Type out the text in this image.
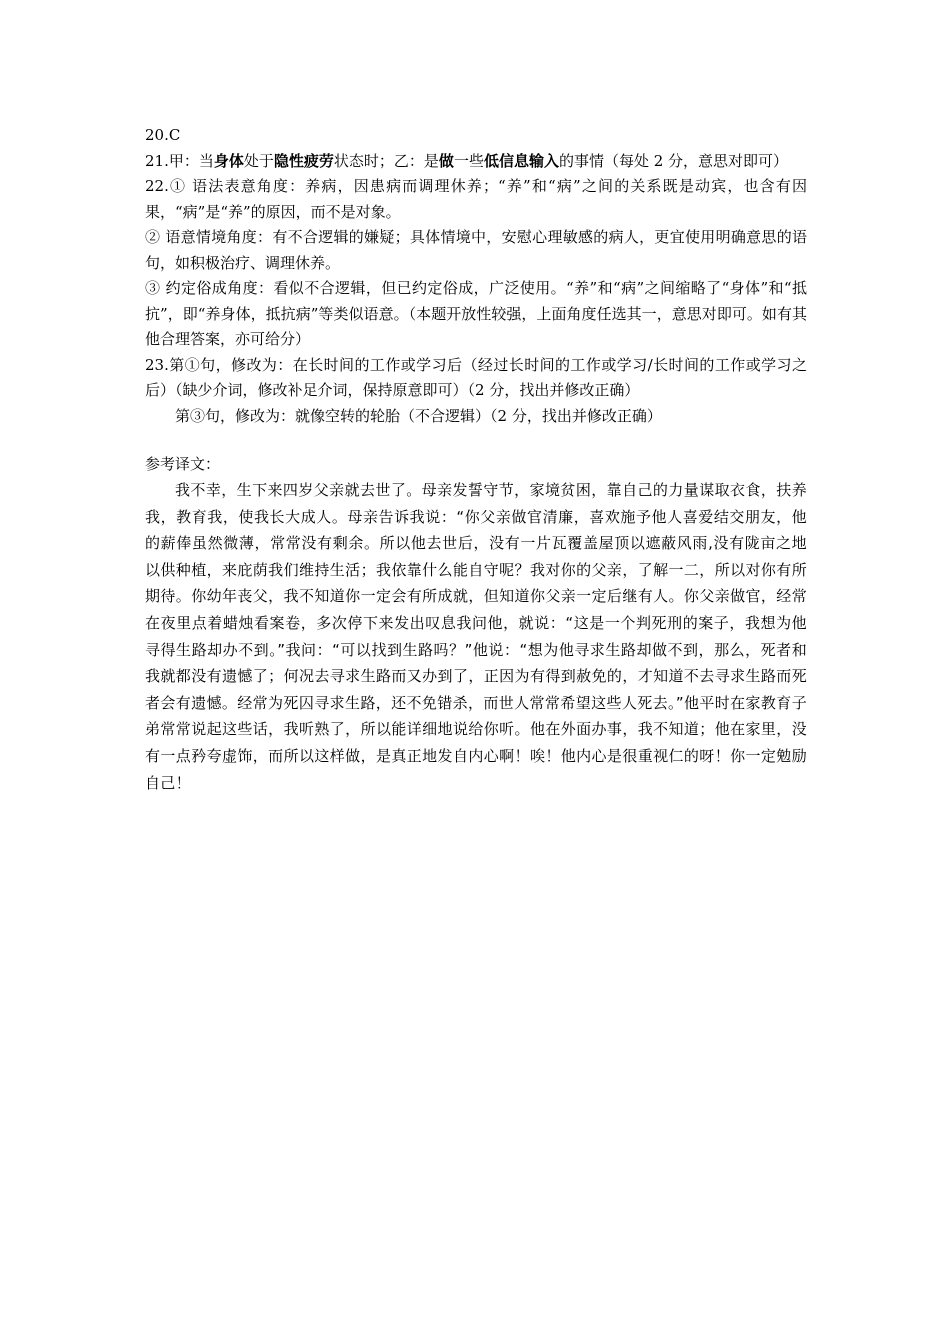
20.C

21.甲：当身体处于隐性疲劳状态时；乙：是做一些低信息输入的事情（每处 2 分，意思对即可）

22.① 语法表意角度：养病，因患病而调理休养；“养”和“病”之间的关系既是动宾，也含有因果，“病”是“养”的原因，而不是对象。

② 语意情境角度：有不合逻辑的嫌疑；具体情境中，安慰心理敏感的病人，更宜使用明确意思的语句，如积极治疗、调理休养。

③ 约定俗成角度：看似不合逻辑，但已约定俗成，广泛使用。“养”和“病”之间缩略了“身体”和“抵抗”，即“养身体，抵抗病”等类似语意。（本题开放性较强，上面角度任选其一，意思对即可。如有其他合理答案，亦可给分）

23.第①句，修改为：在长时间的工作或学习后（经过长时间的工作或学习/长时间的工作或学习之后）（缺少介词，修改补足介词，保持原意即可）（2 分，找出并修改正确）

第③句，修改为：就像空转的轮胎（不合逻辑）（2 分，找出并修改正确）

参考译文：

我不幸，生下来四岁父亲就去世了。母亲发誓守节，家境贫困，靠自己的力量谋取衣食，扶养我，教育我，使我长大成人。母亲告诉我说：“你父亲做官清廉，喜欢施予他人喜爱结交朋友，他的薪俸虽然微薄，常常没有剩余。所以他去世后，没有一片瓦覆盖屋顶以遮蔽风雨,没有陇亩之地以供种植，来庇荫我们维持生活；我依靠什么能自守呢？我对你的父亲，了解一二，所以对你有所期待。你幼年丧父，我不知道你一定会有所成就，但知道你父亲一定后继有人。你父亲做官，经常在夜里点着蜡烛看案卷，多次停下来发出叹息我问他，就说：“这是一个判死刑的案子，我想为他寻得生路却办不到。”我问：“可以找到生路吗？”他说：“想为他寻求生路却做不到，那么，死者和我就都没有遗憾了；何况去寻求生路而又办到了，正因为有得到赦免的，才知道不去寻求生路而死者会有遗憾。经常为死囚寻求生路，还不免错杀，而世人常常希望这些人死去。”他平时在家教育子弟常常说起这些话，我听熟了，所以能详细地说给你听。他在外面办事，我不知道；他在家里，没有一点矜夸虚饰，而所以这样做，是真正地发自内心啊！唉！他内心是很重视仁的呀！你一定勉励自己！
